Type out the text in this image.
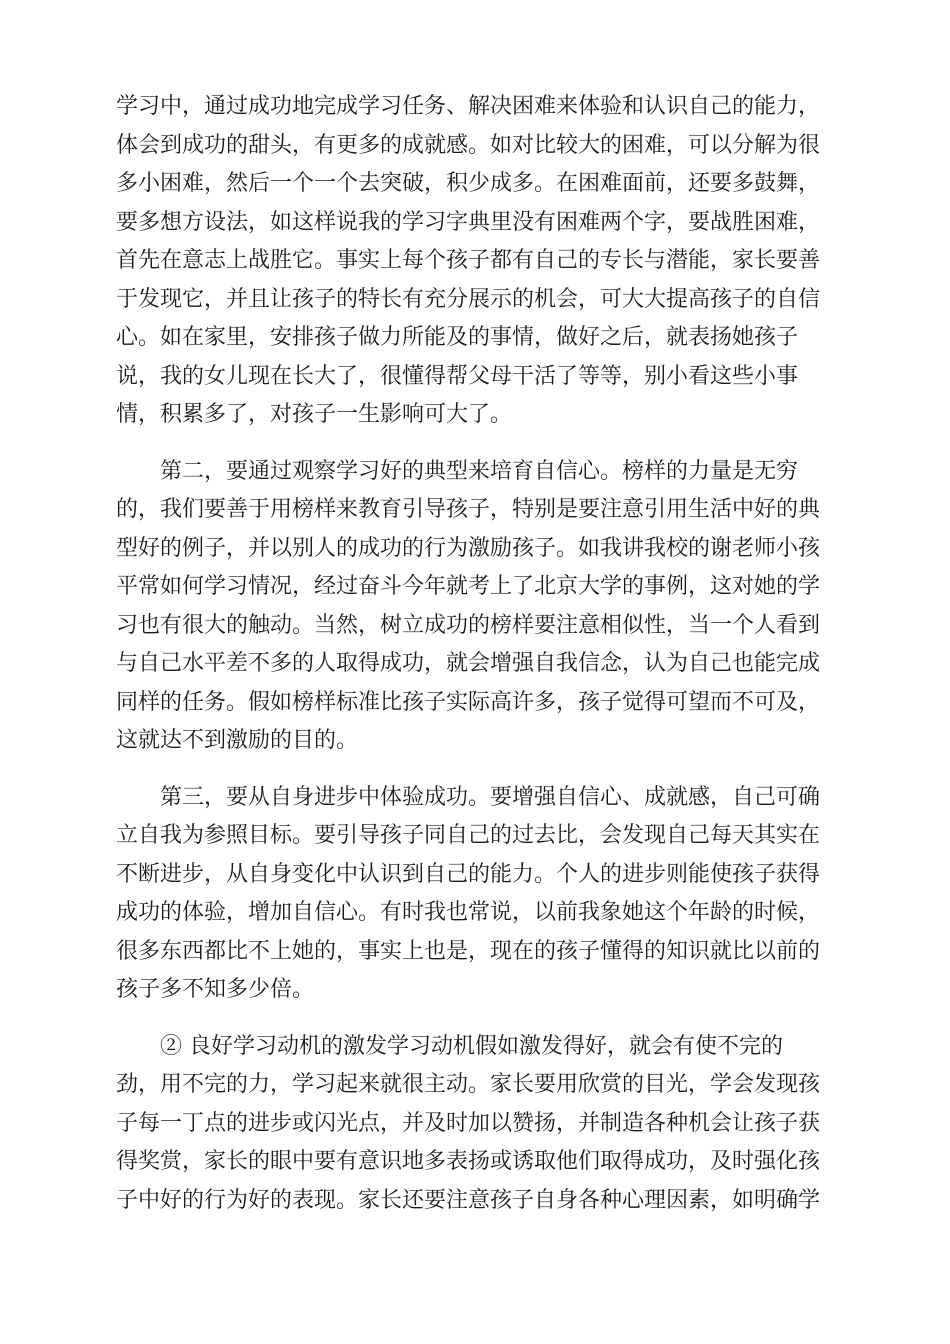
学习中，通过成功地完成学习任务、解决困难来体验和认识自己的能力，
体会到成功的甜头，有更多的成就感。如对比较大的困难，可以分解为很
多小困难，然后一个一个去突破，积少成多。在困难面前，还要多鼓舞，
要多想方设法，如这样说我的学习字典里没有困难两个字，要战胜困难，
首先在意志上战胜它。事实上每个孩子都有自己的专长与潜能，家长要善
于发现它，并且让孩子的特长有充分展示的机会，可大大提高孩子的自信
心。如在家里，安排孩子做力所能及的事情，做好之后，就表扬她孩子
说，我的女儿现在长大了，很懂得帮父母干活了等等，别小看这些小事
情，积累多了，对孩子一生影响可大了。
第二，要通过观察学习好的典型来培育自信心。榜样的力量是无穷
的，我们要善于用榜样来教育引导孩子，特别是要注意引用生活中好的典
型好的例子，并以别人的成功的行为激励孩子。如我讲我校的谢老师小孩
平常如何学习情况，经过奋斗今年就考上了北京大学的事例，这对她的学
习也有很大的触动。当然，树立成功的榜样要注意相似性，当一个人看到
与自己水平差不多的人取得成功，就会增强自我信念，认为自己也能完成
同样的任务。假如榜样标准比孩子实际高许多，孩子觉得可望而不可及，
这就达不到激励的目的。
第三，要从自身进步中体验成功。要增强自信心、成就感，自己可确
立自我为参照目标。要引导孩子同自己的过去比，会发现自己每天其实在
不断进步，从自身变化中认识到自己的能力。个人的进步则能使孩子获得
成功的体验，增加自信心。有时我也常说，以前我象她这个年龄的时候，
很多东西都比不上她的，事实上也是，现在的孩子懂得的知识就比以前的
孩子多不知多少倍。
② 良好学习动机的激发学习动机假如激发得好，就会有使不完的
劲，用不完的力，学习起来就很主动。家长要用欣赏的目光，学会发现孩
子每一丁点的进步或闪光点，并及时加以赞扬，并制造各种机会让孩子获
得奖赏，家长的眼中要有意识地多表扬或诱取他们取得成功，及时强化孩
子中好的行为好的表现。家长还要注意孩子自身各种心理因素，如明确学
